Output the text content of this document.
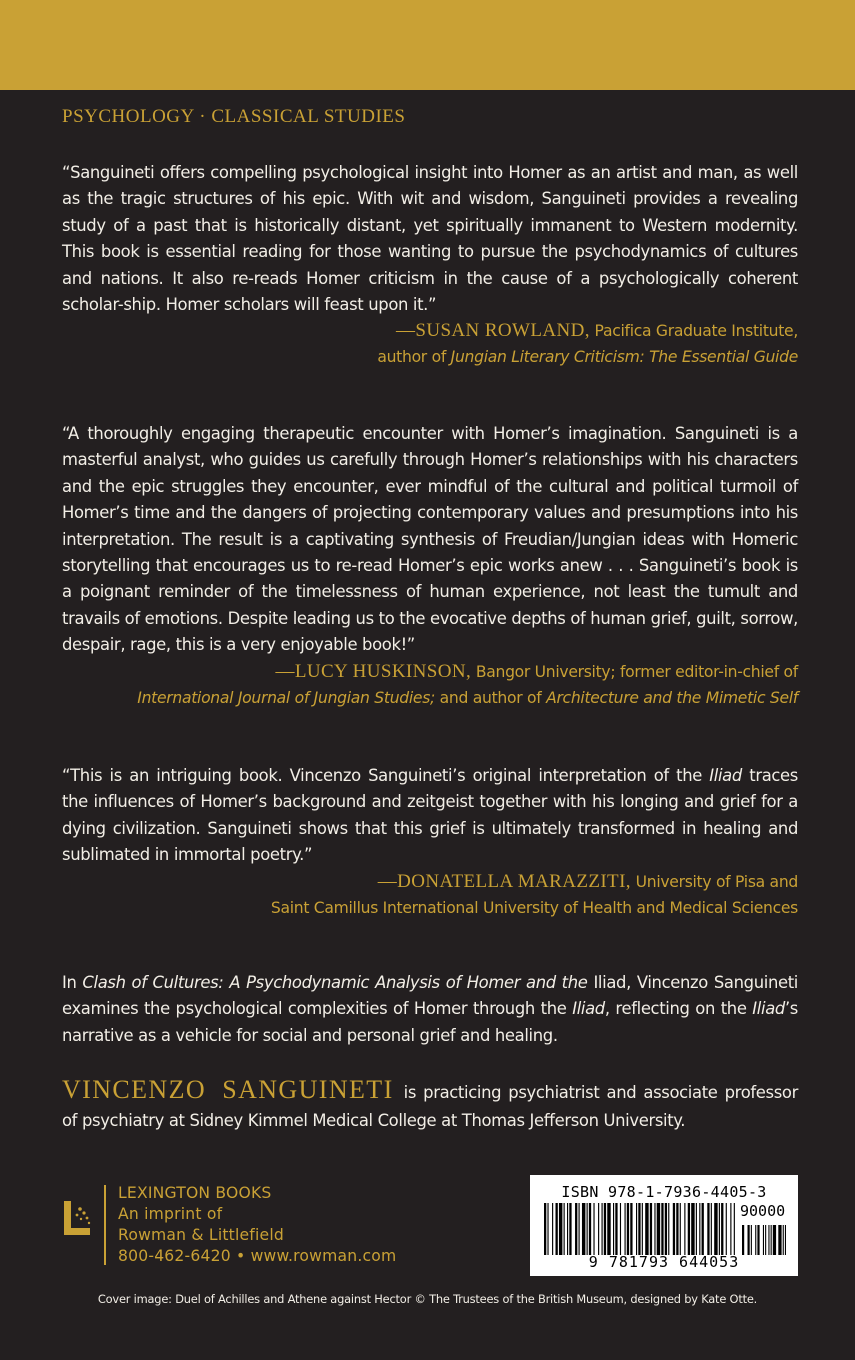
PSYCHOLOGY · CLASSICAL STUDIES

“Sanguineti offers compelling psychological insight into Homer as an artist and man, as well as the tragic structures of his epic. With wit and wisdom, Sanguineti provides a revealing study of a past that is historically distant, yet spiritually immanent to Western modernity. This book is essential reading for those wanting to pursue the psychodynamics of cultures and nations. It also re-reads Homer criticism in the cause of a psychologically coherent scholar-ship. Homer scholars will feast upon it.”

—SUSAN ROWLAND, Pacifica Graduate Institute,
author of Jungian Literary Criticism: The Essential Guide

“A thoroughly engaging therapeutic encounter with Homer’s imagination. Sanguineti is a masterful analyst, who guides us carefully through Homer’s relationships with his characters and the epic struggles they encounter, ever mindful of the cultural and political turmoil of Homer’s time and the dangers of projecting contemporary values and presumptions into his interpretation. The result is a captivating synthesis of Freudian/Jungian ideas with Homeric storytelling that encourages us to re-read Homer’s epic works anew . . . Sanguineti’s book is a poignant reminder of the timelessness of human experience, not least the tumult and travails of emotions. Despite leading us to the evocative depths of human grief, guilt, sorrow, despair, rage, this is a very enjoyable book!”

—LUCY HUSKINSON, Bangor University; former editor-in-chief of
International Journal of Jungian Studies; and author of Architecture and the Mimetic Self

“This is an intriguing book. Vincenzo Sanguineti’s original interpretation of the Iliad traces the influences of Homer’s background and zeitgeist together with his longing and grief for a dying civilization. Sanguineti shows that this grief is ultimately transformed in healing and sublimated in immortal poetry.”

—DONATELLA MARAZZITI, University of Pisa and
Saint Camillus International University of Health and Medical Sciences

In Clash of Cultures: A Psychodynamic Analysis of Homer and the Iliad, Vincenzo Sanguineti examines the psychological complexities of Homer through the Iliad, reflecting on the Iliad’s narrative as a vehicle for social and personal grief and healing.

VINCENZO SANGUINETI is practicing psychiatrist and associate professor of psychiatry at Sidney Kimmel Medical College at Thomas Jefferson University.

LEXINGTON BOOKS
An imprint of
Rowman & Littlefield
800-462-6420 • www.rowman.com
ISBN 978-1-7936-4405-3
90000
9 781793 644053
Cover image: Duel of Achilles and Athene against Hector © The Trustees of the British Museum, designed by Kate Otte.
